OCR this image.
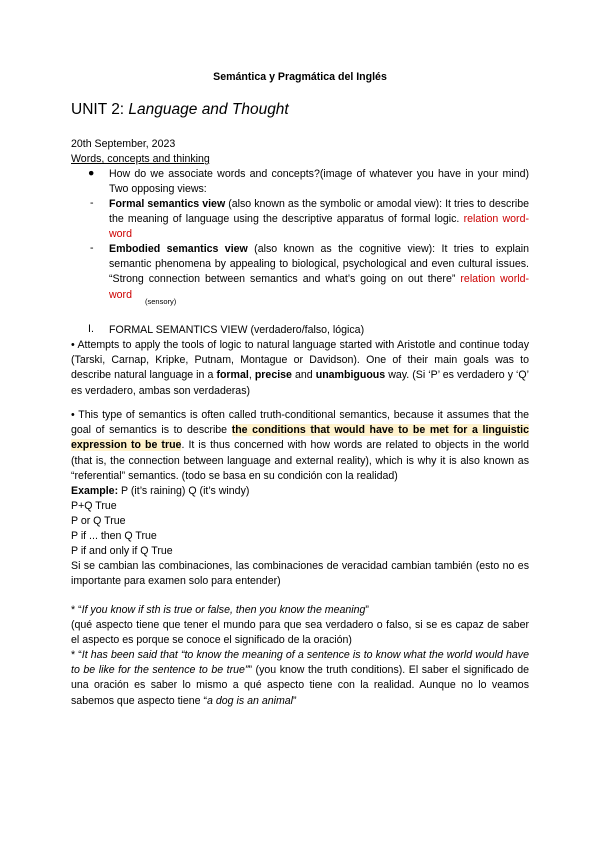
Semántica y Pragmática del Inglés
UNIT 2: Language and Thought
20th September, 2023
Words, concepts and thinking
● How do we associate words and concepts?(image of whatever you have in your mind) Two opposing views:
- Formal semantics view (also known as the symbolic or amodal view): It tries to describe the meaning of language using the descriptive apparatus of formal logic. relation word-word
- Embodied semantics view (also known as the cognitive view): It tries to explain semantic phenomena by appealing to biological, psychological and even cultural issues. “Strong connection between semantics and what’s going on out there” relation world-word
(sensory)
I. FORMAL SEMANTICS VIEW (verdadero/falso, lógica)
• Attempts to apply the tools of logic to natural language started with Aristotle and continue today (Tarski, Carnap, Kripke, Putnam, Montague or Davidson). One of their main goals was to describe natural language in a formal, precise and unambiguous way. (Si ‘P’ es verdadero y ‘Q’ es verdadero, ambas son verdaderas)
• This type of semantics is often called truth-conditional semantics, because it assumes that the goal of semantics is to describe the conditions that would have to be met for a linguistic expression to be true. It is thus concerned with how words are related to objects in the world (that is, the connection between language and external reality), which is why it is also known as “referential” semantics. (todo se basa en su condición con la realidad)
Example: P (it’s raining) Q (it’s windy)
P+Q True
P or Q True
P if ... then Q True
P if and only if Q True
Si se cambian las combinaciones, las combinaciones de veracidad cambian también (esto no es importante para examen solo para entender)
* “If you know if sth is true or false, then you know the meaning”
(qué aspecto tiene que tener el mundo para que sea verdadero o falso, si se es capaz de saber el aspecto es porque se conoce el significado de la oración)
* “It has been said that “to know the meaning of a sentence is to know what the world would have to be like for the sentence to be true”” (you know the truth conditions). El saber el significado de una oración es saber lo mismo a qué aspecto tiene con la realidad. Aunque no lo veamos sabemos que aspecto tiene “a dog is an animal”
